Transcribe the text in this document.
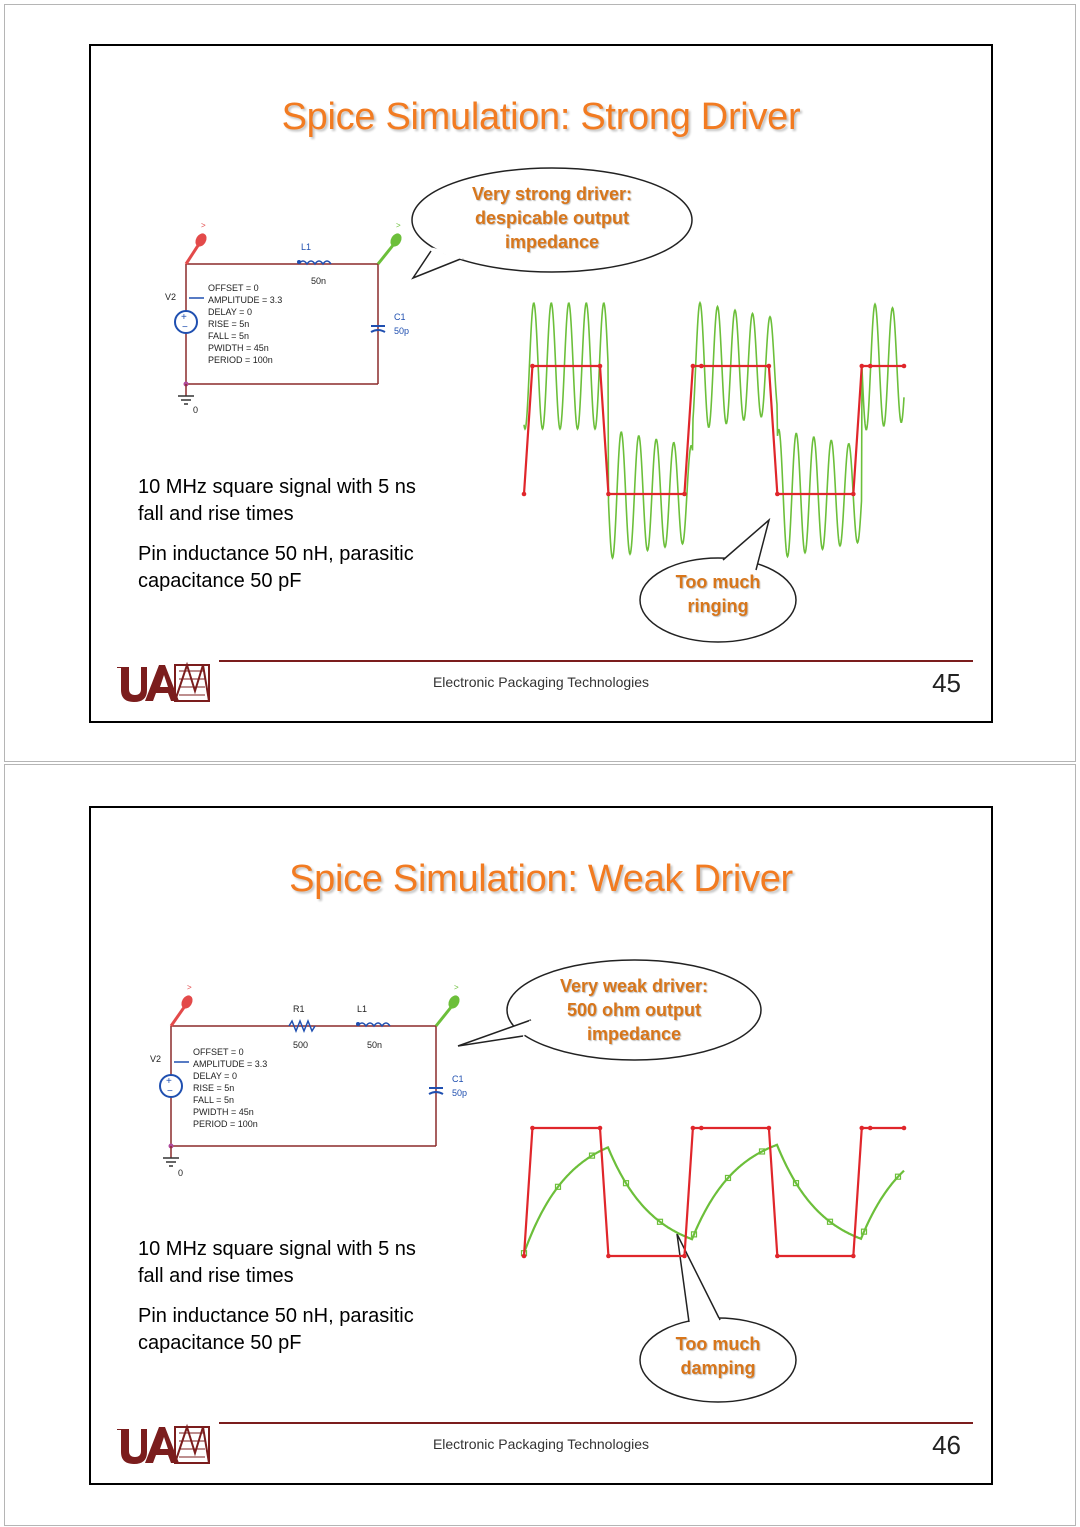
Spice Simulation: Strong Driver
L1
50n
C1
50p
+
−
V2
OFFSET = 0
AMPLITUDE = 3.3
DELAY = 0
RISE = 5n
FALL = 5n
PWIDTH = 45n
PERIOD = 100n
0
>	>
Very strong driver:
despicable output
impedance
Too much
ringing

10 MHz square signal with 5 ns

fall and rise times

Pin inductance 50 nH, parasitic

capacitance 50 pF

Electronic Packaging Technologies	45
Spice Simulation: Weak Driver
R1
500
L1
50n
C1
50p
+
−
V2
OFFSET = 0
AMPLITUDE = 3.3
DELAY = 0
RISE = 5n
FALL = 5n
PWIDTH = 45n
PERIOD = 100n
0
>	>	Very weak driver:
500 ohm output
impedance
Too much
damping

10 MHz square signal with 5 ns

fall and rise times

Pin inductance 50 nH, parasitic

capacitance 50 pF

Electronic Packaging Technologies	46
